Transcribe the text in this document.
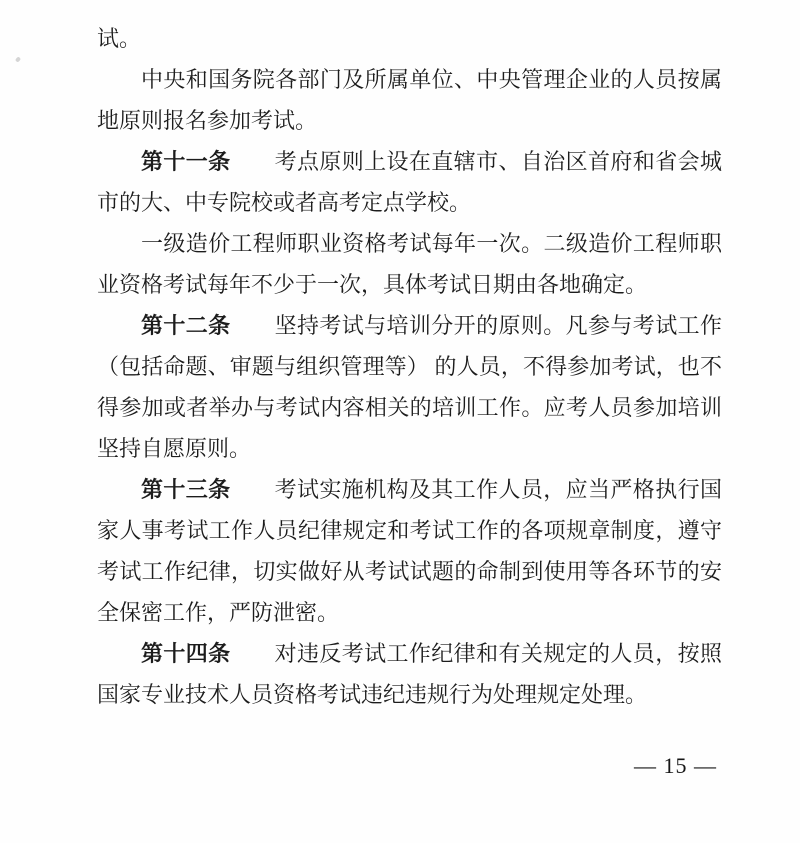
试。

中央和国务院各部门及所属单位、中央管理企业的人员按属地原则报名参加考试。

第十一条 考点原则上设在直辖市、自治区首府和省会城市的大、中专院校或者高考定点学校。

一级造价工程师职业资格考试每年一次。二级造价工程师职业资格考试每年不少于一次，具体考试日期由各地确定。

第十二条 坚持考试与培训分开的原则。凡参与考试工作（包括命题、审题与组织管理等） 的人员，不得参加考试，也不得参加或者举办与考试内容相关的培训工作。应考人员参加培训坚持自愿原则。

第十三条 考试实施机构及其工作人员，应当严格执行国家人事考试工作人员纪律规定和考试工作的各项规章制度，遵守考试工作纪律，切实做好从考试试题的命制到使用等各环节的安全保密工作，严防泄密。

第十四条 对违反考试工作纪律和有关规定的人员，按照国家专业技术人员资格考试违纪违规行为处理规定处理。

— 15 —
